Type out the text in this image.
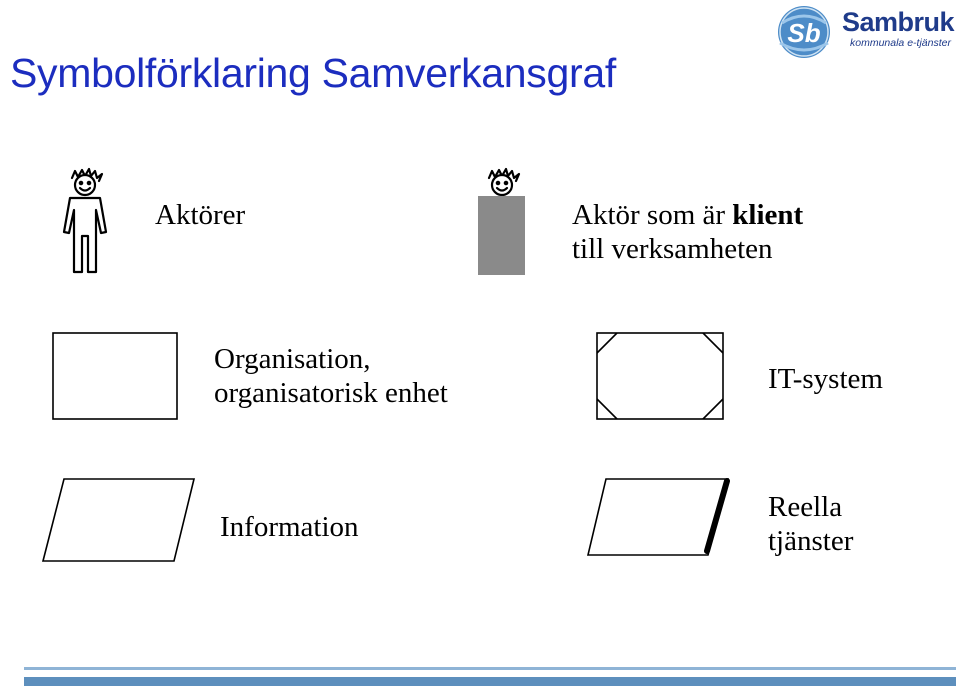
Symbolförklaring Samverkansgraf
Sb Sambruk
kommunala e-tjänster
Aktörer	Aktör som är klient
till verksamheten
Organisation,
organisatorisk enhet	IT-system
Information
Reella
tjänster
